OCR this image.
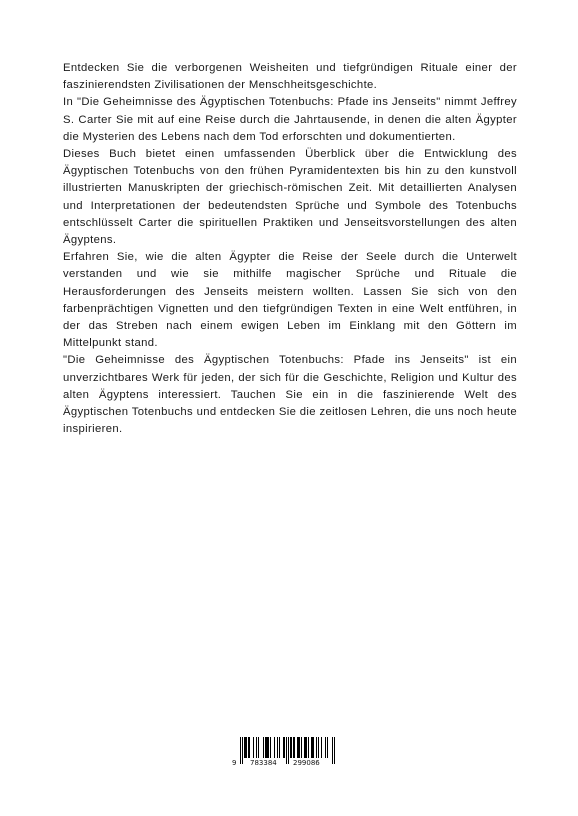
Entdecken Sie die verborgenen Weisheiten und tiefgründigen Rituale einer der faszinierendsten Zivilisationen der Menschheitsgeschichte.

In "Die Geheimnisse des Ägyptischen Totenbuchs: Pfade ins Jenseits" nimmt Jeffrey S. Carter Sie mit auf eine Reise durch die Jahrtausende, in denen die alten Ägypter die Mysterien des Lebens nach dem Tod erforschten und dokumentierten.

Dieses Buch bietet einen umfassenden Überblick über die Entwicklung des Ägyptischen Totenbuchs von den frühen Pyramidentexten bis hin zu den kunstvoll illustrierten Manuskripten der griechisch-römischen Zeit. Mit detaillierten Analysen und Interpretationen der bedeutendsten Sprüche und Symbole des Totenbuchs entschlüsselt Carter die spirituellen Praktiken und Jenseitsvorstellungen des alten Ägyptens.

Erfahren Sie, wie die alten Ägypter die Reise der Seele durch die Unterwelt verstanden und wie sie mithilfe magischer Sprüche und Rituale die Herausforderungen des Jenseits meistern wollten. Lassen Sie sich von den farbenprächtigen Vignetten und den tiefgründigen Texten in eine Welt entführen, in der das Streben nach einem ewigen Leben im Einklang mit den Göttern im Mittelpunkt stand.

"Die Geheimnisse des Ägyptischen Totenbuchs: Pfade ins Jenseits" ist ein unverzichtbares Werk für jeden, der sich für die Geschichte, Religion und Kultur des alten Ägyptens interessiert. Tauchen Sie ein in die faszinierende Welt des Ägyptischen Totenbuchs und entdecken Sie die zeitlosen Lehren, die uns noch heute inspirieren.

9 783384 299086
